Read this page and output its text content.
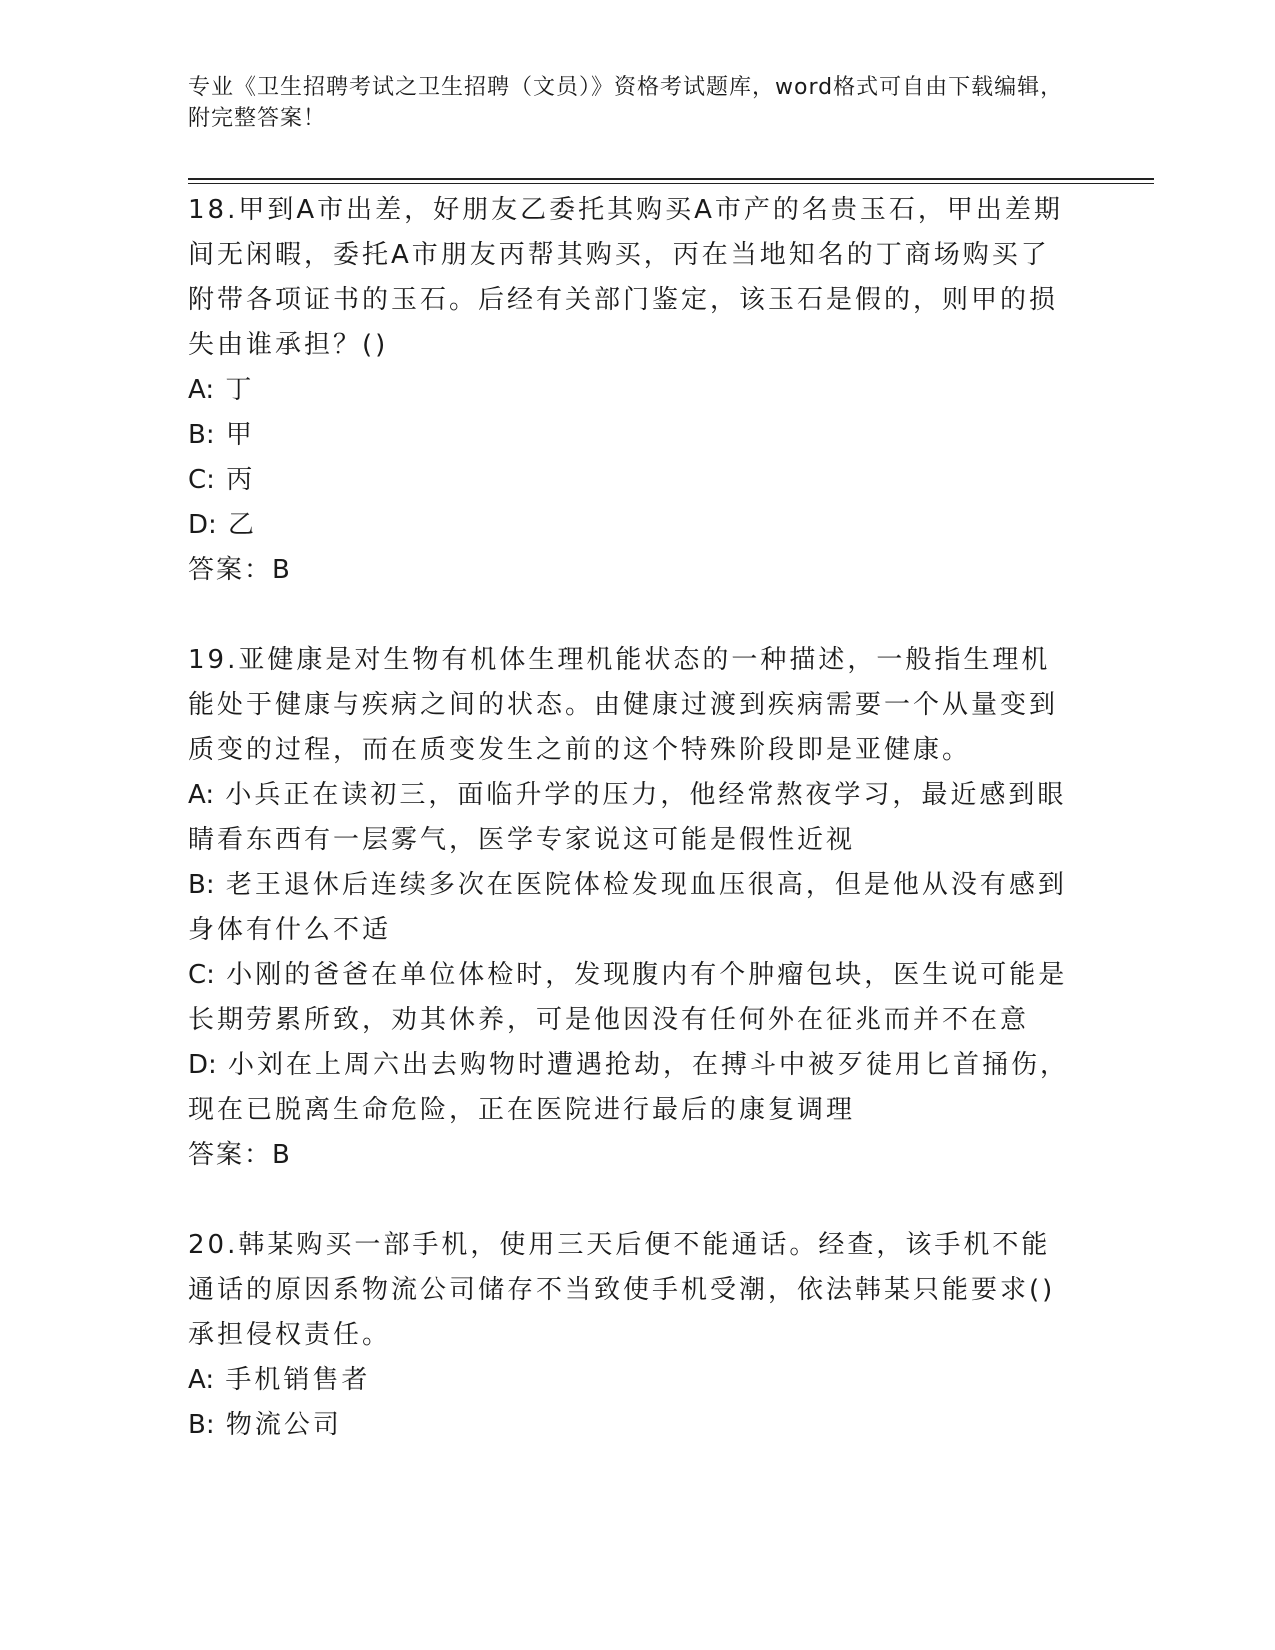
专业《卫生招聘考试之卫生招聘（文员）》资格考试题库，word格式可自由下载编辑，附完整答案！
18.甲到A市出差，好朋友乙委托其购买A市产的名贵玉石，甲出差期间无闲暇，委托A市朋友丙帮其购买，丙在当地知名的丁商场购买了附带各项证书的玉石。后经有关部门鉴定，该玉石是假的，则甲的损失由谁承担？()
A: 丁
B: 甲
C: 丙
D: 乙
答案：B
19.亚健康是对生物有机体生理机能状态的一种描述，一般指生理机能处于健康与疾病之间的状态。由健康过渡到疾病需要一个从量变到质变的过程，而在质变发生之前的这个特殊阶段即是亚健康。
A: 小兵正在读初三，面临升学的压力，他经常熬夜学习，最近感到眼睛看东西有一层雾气，医学专家说这可能是假性近视
B: 老王退休后连续多次在医院体检发现血压很高，但是他从没有感到身体有什么不适
C: 小刚的爸爸在单位体检时，发现腹内有个肿瘤包块，医生说可能是长期劳累所致，劝其休养，可是他因没有任何外在征兆而并不在意
D: 小刘在上周六出去购物时遭遇抢劫，在搏斗中被歹徒用匕首捅伤，现在已脱离生命危险，正在医院进行最后的康复调理
答案：B
20.韩某购买一部手机，使用三天后便不能通话。经查，该手机不能通话的原因系物流公司储存不当致使手机受潮，依法韩某只能要求()承担侵权责任。
A: 手机销售者
B: 物流公司
